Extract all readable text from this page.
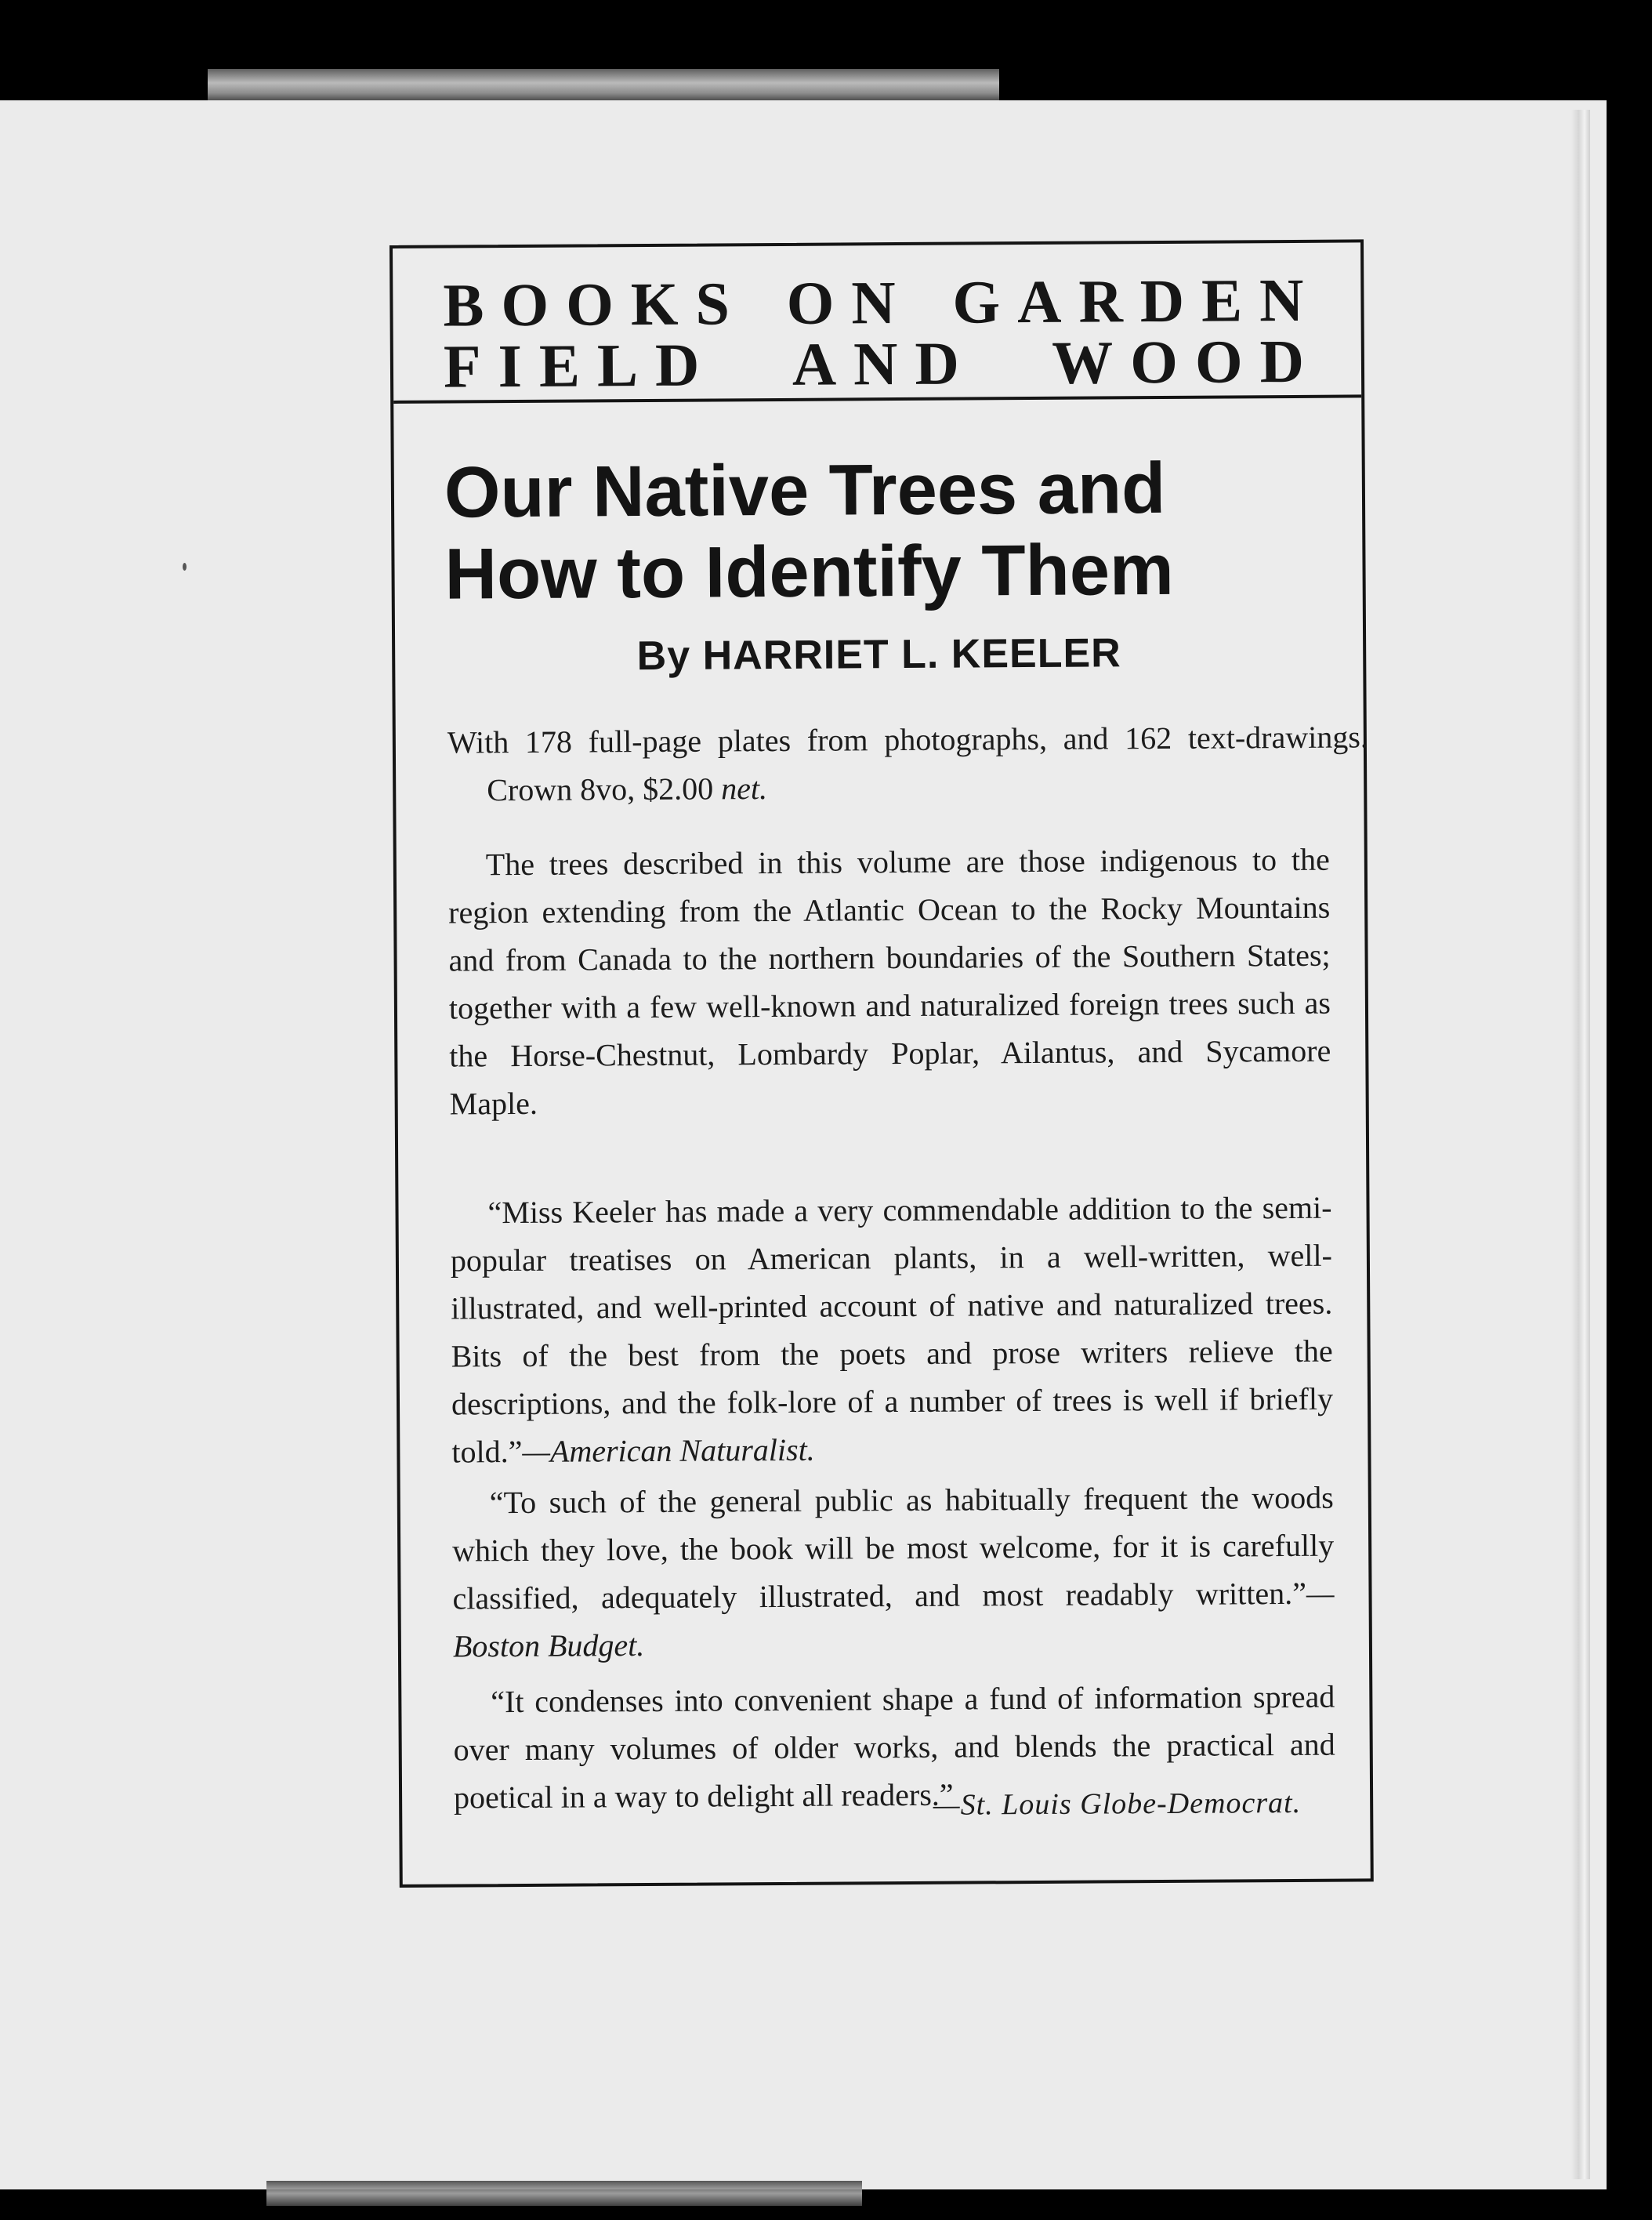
BOOKS ON GARDEN
FIELD AND WOOD
Our Native Trees and
How to Identify Them
By HARRIET L. KEELER

With 178 full-page plates from photographs, and 162 text-drawings. Crown 8vo, $2.00 net.

The trees described in this volume are those indigenous to the region extending from the Atlantic Ocean to the Rocky Mountains and from Canada to the northern boundaries of the Southern States; together with a few well-known and naturalized foreign trees such as the Horse-Chestnut, Lombardy Poplar, Ailantus, and Sycamore Maple.

“Miss Keeler has made a very commendable addition to the semi-popular treatises on American plants, in a well-written, well-illustrated, and well-printed account of native and naturalized trees. Bits of the best from the poets and prose writers relieve the descriptions, and the folk-lore of a number of trees is well if briefly told.”—American Naturalist.

“To such of the general public as habitually frequent the woods which they love, the book will be most welcome, for it is carefully classified, adequately illustrated, and most readably written.”—Boston Budget.

“It condenses into convenient shape a fund of information spread over many volumes of older works, and blends the practical and poetical in a way to delight all readers.”

—St. Louis Globe-Democrat.
